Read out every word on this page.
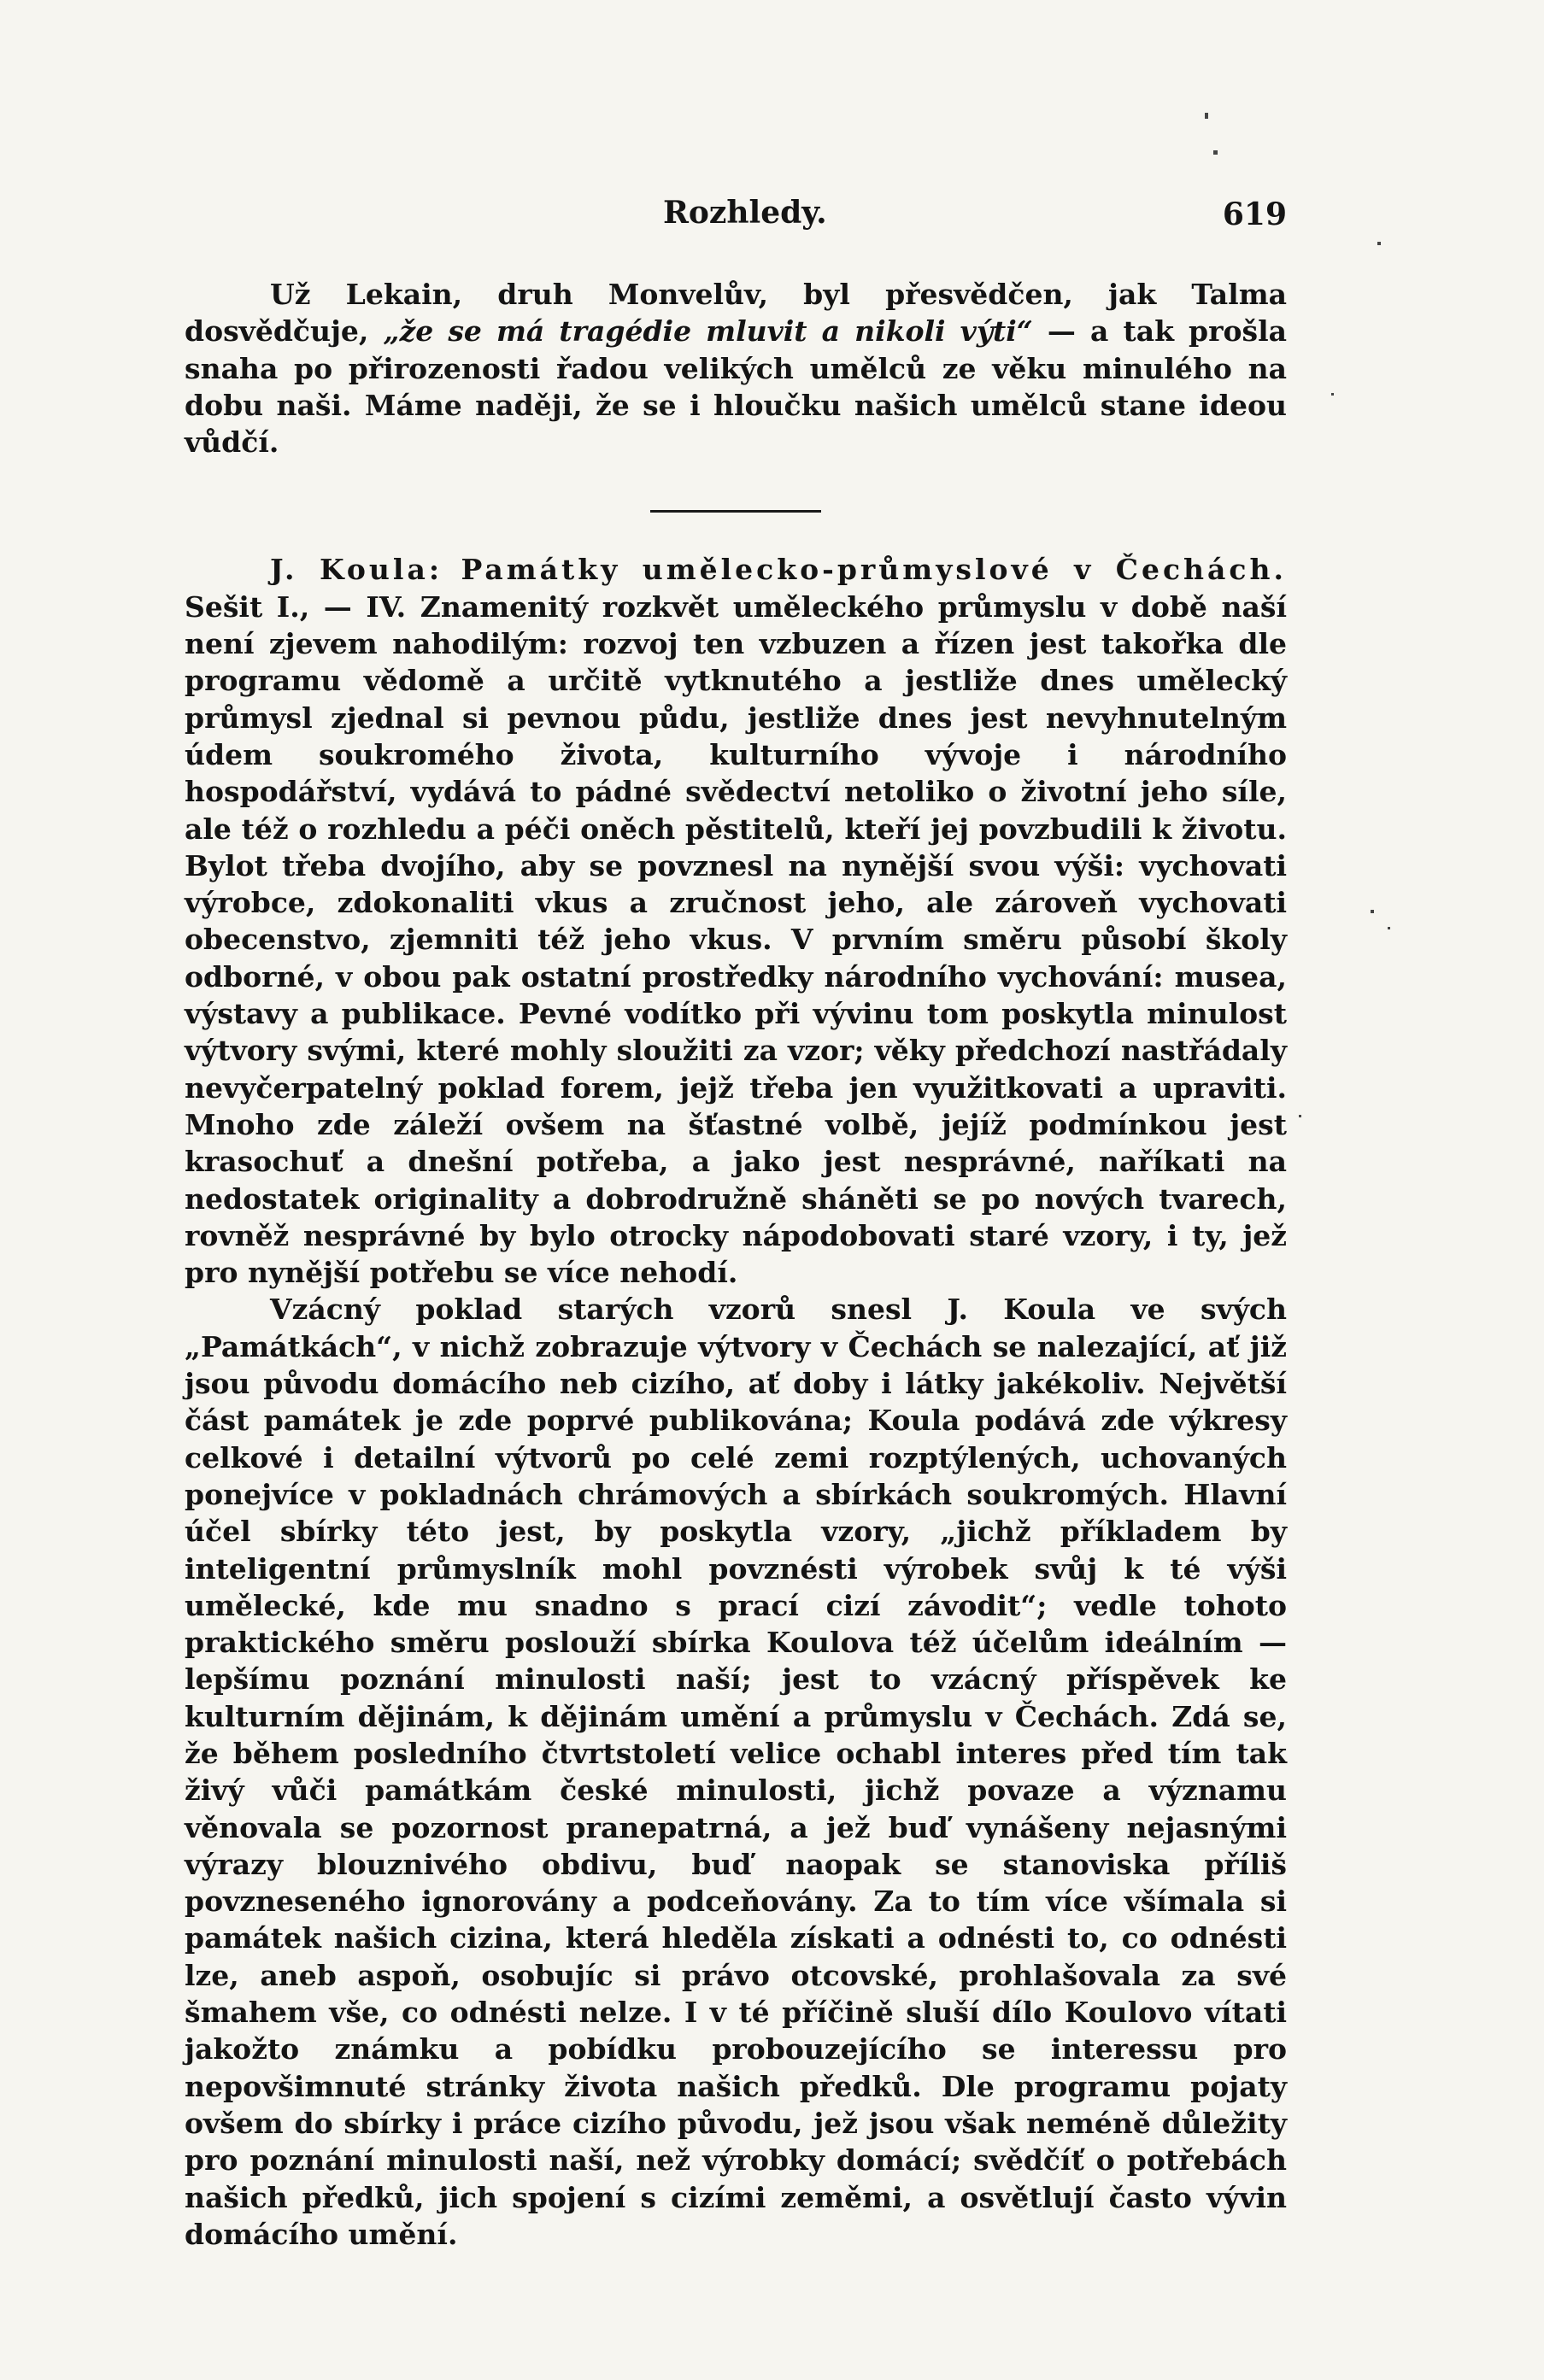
Rozhledy.	619

Už Lekain, druh Monvelův, byl přesvědčen, jak Talma dosvědčuje, „že se má tragédie mluvit a nikoli výti“ — a tak prošla snaha po přirozenosti řadou velikých umělců ze věku minulého na dobu naši. Máme naději, že se i hloučku našich umělců stane ideou vůdčí.

J. Koula: Památky umělecko-průmyslové v Čechách. Sešit I., — IV. Znamenitý rozkvět uměleckého průmyslu v době naší není zjevem nahodilým: rozvoj ten vzbuzen a řízen jest takořka dle programu vědomě a určitě vytknutého a jestliže dnes umělecký průmysl zjednal si pevnou půdu, jestliže dnes jest nevyhnutelným údem soukromého života, kulturního vývoje i národního hospodářství, vydává to pádné svědectví netoliko o životní jeho síle, ale též o rozhledu a péči oněch pěstitelů, kteří jej povzbudili k životu. Bylot třeba dvojího, aby se povznesl na nynější svou výši: vychovati výrobce, zdokonaliti vkus a zručnost jeho, ale zároveň vychovati obecenstvo, zjemniti též jeho vkus. V prvním směru působí školy odborné, v obou pak ostatní prostředky národního vychování: musea, výstavy a publikace. Pevné vodítko při vývinu tom poskytla minulost výtvory svými, které mohly sloužiti za vzor; věky předchozí nastřádaly nevyčerpatelný poklad forem, jejž třeba jen využitkovati a upraviti. Mnoho zde záleží ovšem na šťastné volbě, jejíž podmínkou jest krasochuť a dnešní potřeba, a jako jest nesprávné, naříkati na nedostatek originality a dobrodružně sháněti se po nových tvarech, rovněž nesprávné by bylo otrocky nápodobovati staré vzory, i ty, jež pro nynější potřebu se více nehodí.

Vzácný poklad starých vzorů snesl J. Koula ve svých „Památkách“, v nichž zobrazuje výtvory v Čechách se nalezající, ať již jsou původu domácího neb cizího, ať doby i látky jakékoliv. Největší část památek je zde poprvé publikována; Koula podává zde výkresy celkové i detailní výtvorů po celé zemi rozptýlených, uchovaných ponejvíce v pokladnách chrámových a sbírkách soukromých. Hlavní účel sbírky této jest, by poskytla vzory, „jichž příkladem by inteligentní průmyslník mohl povznésti výrobek svůj k té výši umělecké, kde mu snadno s prací cizí závodit“; vedle tohoto praktického směru poslouží sbírka Koulova též účelům ideálním — lepšímu poznání minulosti naší; jest to vzácný příspěvek ke kulturním dějinám, k dějinám umění a průmyslu v Čechách. Zdá se, že během posledního čtvrtstoletí velice ochabl interes před tím tak živý vůči památkám české minulosti, jichž povaze a významu věnovala se pozornost pranepatrná, a jež buď vynášeny nejasnými výrazy blouznivého obdivu, buď naopak se stanoviska příliš povzneseného ignorovány a podceňovány. Za to tím více všímala si památek našich cizina, která hleděla získati a odnésti to, co odnésti lze, aneb aspoň, osobujíc si právo otcovské, prohlašovala za své šmahem vše, co odnésti nelze. I v té příčině sluší dílo Koulovo vítati jakožto známku a pobídku probouzejícího se interessu pro nepovšimnuté stránky života našich předků. Dle programu pojaty ovšem do sbírky i práce cizího původu, jež jsou však neméně důležity pro poznání minulosti naší, než výrobky domácí; svědčíť o potřebách našich předků, jich spojení s cizími zeměmi, a osvětlují často vývin domácího umění.
